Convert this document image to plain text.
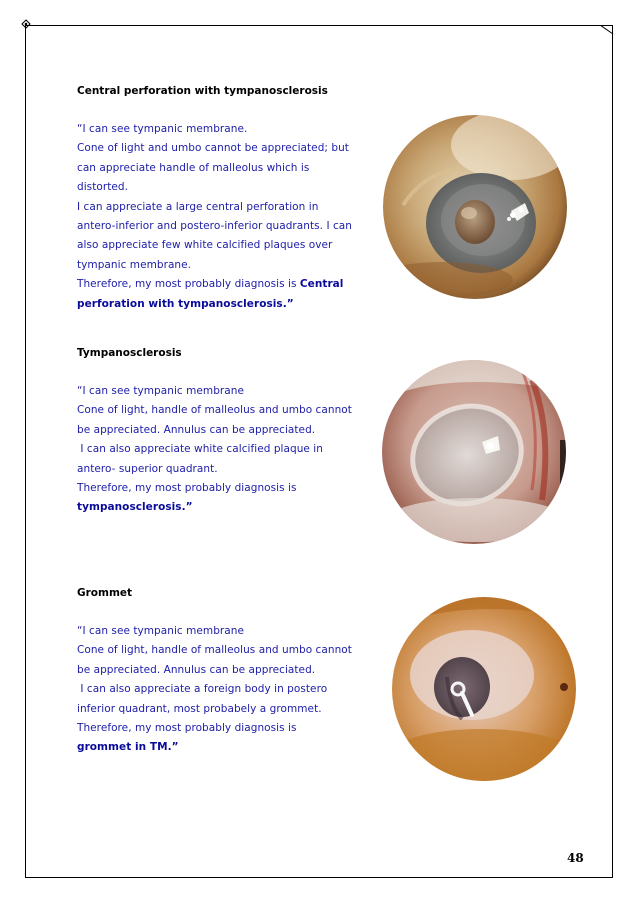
Central perforation with tympanosclerosis

“I can see tympanic membrane.
Cone of light and umbo cannot be appreciated; but
can appreciate handle of malleolus which is
distorted.
I can appreciate a large central perforation in
antero-inferior and postero-inferior quadrants. I can
also appreciate few white calcified plaques over
tympanic membrane.
Therefore, my most probably diagnosis is Central
perforation with tympanosclerosis.”

Tympanosclerosis

“I can see tympanic membrane
Cone of light, handle of malleolus and umbo cannot
be appreciated. Annulus can be appreciated.
I can also appreciate white calcified plaque in
antero- superior quadrant.
Therefore, my most probably diagnosis is
tympanosclerosis.”

Grommet

“I can see tympanic membrane
Cone of light, handle of malleolus and umbo cannot
be appreciated. Annulus can be appreciated.
I can also appreciate a foreign body in postero
inferior quadrant, most probabely a grommet.
Therefore, my most probably diagnosis is
grommet in TM.”
48
